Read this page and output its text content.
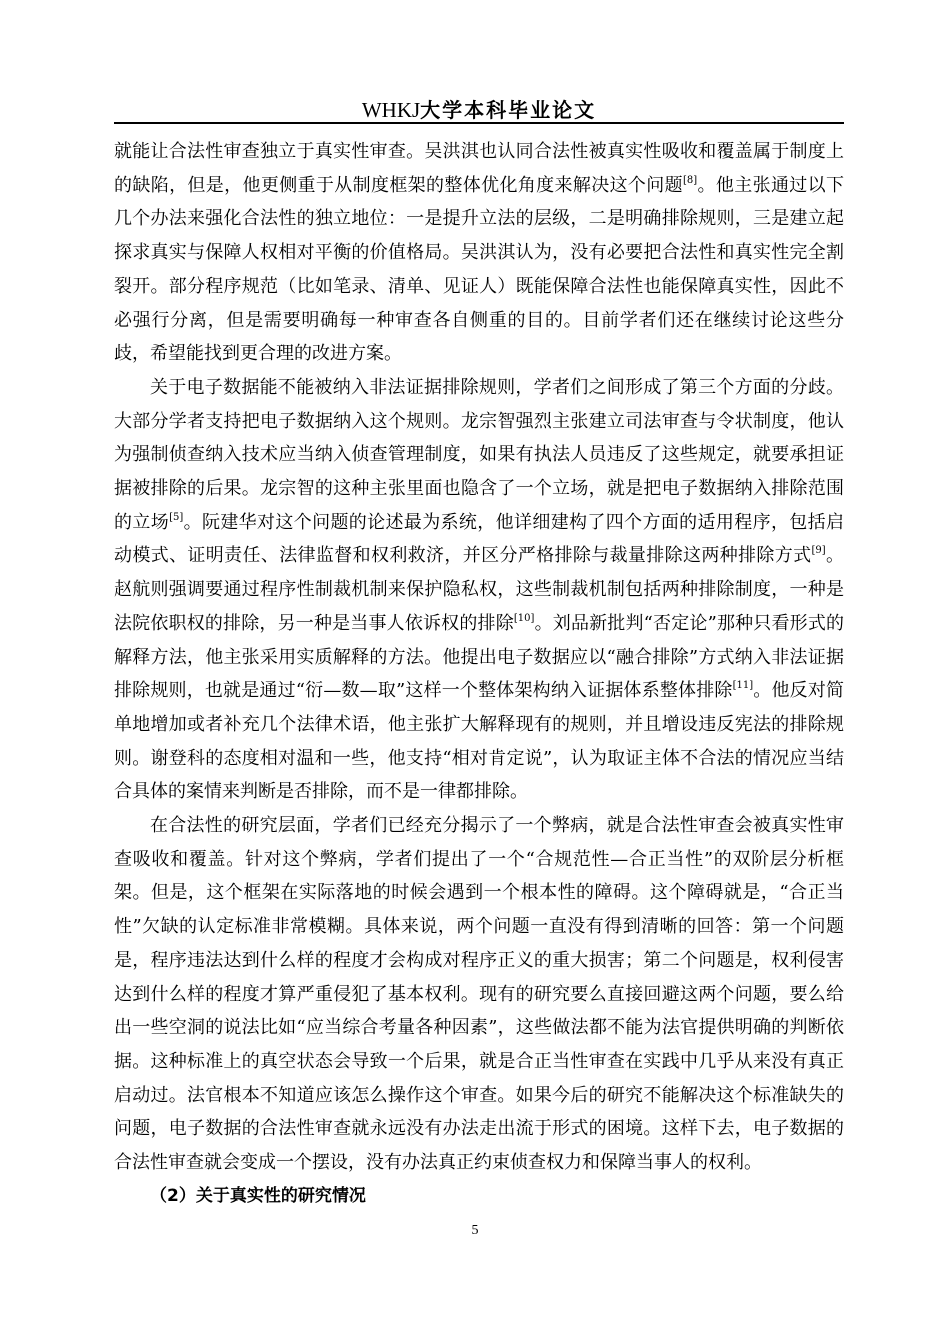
WHKJ大学本科毕业论文

就能让合法性审查独立于真实性审查。吴洪淇也认同合法性被真实性吸收和覆盖属于制度上的缺陷，但是，他更侧重于从制度框架的整体优化角度来解决这个问题[8]。他主张通过以下几个办法来强化合法性的独立地位：一是提升立法的层级，二是明确排除规则，三是建立起探求真实与保障人权相对平衡的价值格局。吴洪淇认为，没有必要把合法性和真实性完全割裂开。部分程序规范（比如笔录、清单、见证人）既能保障合法性也能保障真实性，因此不必强行分离，但是需要明确每一种审查各自侧重的目的。目前学者们还在继续讨论这些分歧，希望能找到更合理的改进方案。

关于电子数据能不能被纳入非法证据排除规则，学者们之间形成了第三个方面的分歧。大部分学者支持把电子数据纳入这个规则。龙宗智强烈主张建立司法审查与令状制度，他认为强制侦查纳入技术应当纳入侦查管理制度，如果有执法人员违反了这些规定，就要承担证据被排除的后果。龙宗智的这种主张里面也隐含了一个立场，就是把电子数据纳入排除范围的立场[5]。阮建华对这个问题的论述最为系统，他详细建构了四个方面的适用程序，包括启动模式、证明责任、法律监督和权利救济，并区分严格排除与裁量排除这两种排除方式[9]。赵航则强调要通过程序性制裁机制来保护隐私权，这些制裁机制包括两种排除制度，一种是法院依职权的排除，另一种是当事人依诉权的排除[10]。刘品新批判“否定论”那种只看形式的解释方法，他主张采用实质解释的方法。他提出电子数据应以“融合排除”方式纳入非法证据排除规则，也就是通过“衍—数—取”这样一个整体架构纳入证据体系整体排除[11]。他反对简单地增加或者补充几个法律术语，他主张扩大解释现有的规则，并且增设违反宪法的排除规则。谢登科的态度相对温和一些，他支持“相对肯定说”，认为取证主体不合法的情况应当结合具体的案情来判断是否排除，而不是一律都排除。

在合法性的研究层面，学者们已经充分揭示了一个弊病，就是合法性审查会被真实性审查吸收和覆盖。针对这个弊病，学者们提出了一个“合规范性—合正当性”的双阶层分析框架。但是，这个框架在实际落地的时候会遇到一个根本性的障碍。这个障碍就是，“合正当性”欠缺的认定标准非常模糊。具体来说，两个问题一直没有得到清晰的回答：第一个问题是，程序违法达到什么样的程度才会构成对程序正义的重大损害；第二个问题是，权利侵害达到什么样的程度才算严重侵犯了基本权利。现有的研究要么直接回避这两个问题，要么给出一些空洞的说法比如“应当综合考量各种因素”，这些做法都不能为法官提供明确的判断依据。这种标准上的真空状态会导致一个后果，就是合正当性审查在实践中几乎从来没有真正启动过。法官根本不知道应该怎么操作这个审查。如果今后的研究不能解决这个标准缺失的问题，电子数据的合法性审查就永远没有办法走出流于形式的困境。这样下去，电子数据的合法性审查就会变成一个摆设，没有办法真正约束侦查权力和保障当事人的权利。

（2）关于真实性的研究情况

5
